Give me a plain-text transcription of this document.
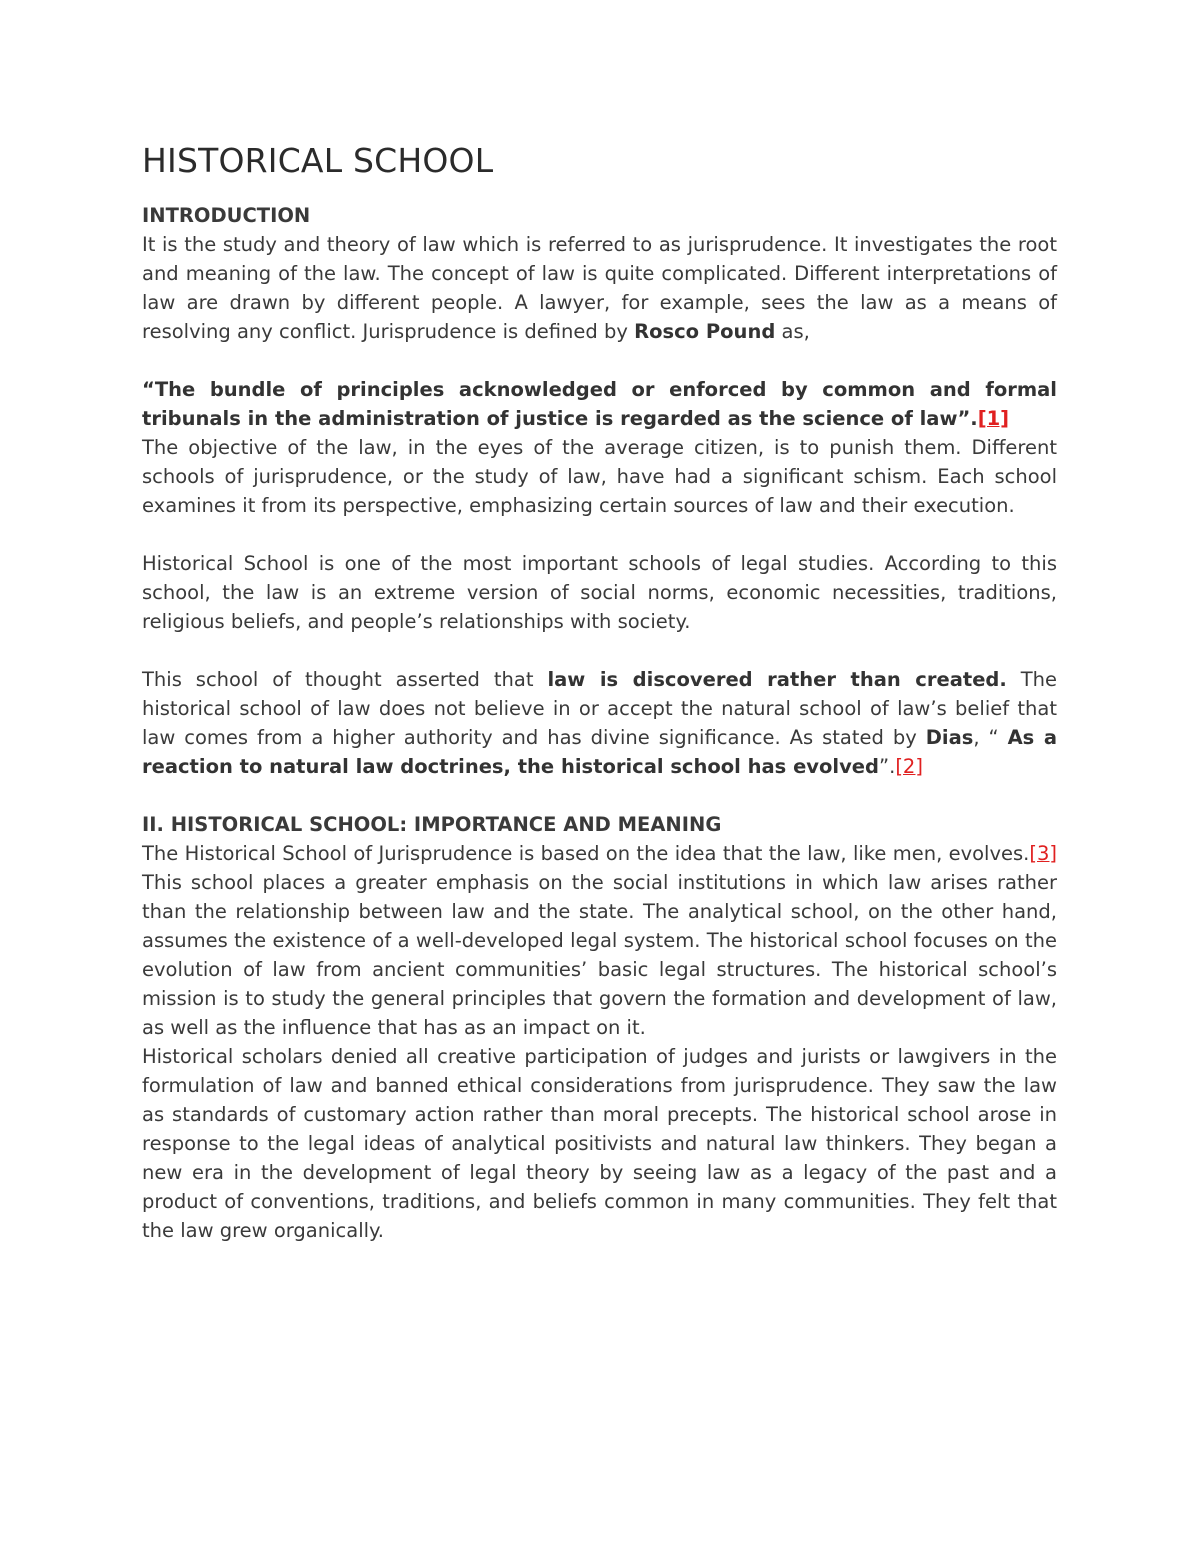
HISTORICAL SCHOOL
INTRODUCTION

It is the study and theory of law which is referred to as jurisprudence. It investigates the root and meaning of the law. The concept of law is quite complicated. Different interpretations of law are drawn by different people. A lawyer, for example, sees the law as a means of resolving any conflict. Jurisprudence is defined by Rosco Pound as,

“The bundle of principles acknowledged or enforced by common and formal tribunals in the administration of justice is regarded as the science of law”.[1]

The objective of the law, in the eyes of the average citizen, is to punish them. Different schools of jurisprudence, or the study of law, have had a significant schism. Each school examines it from its perspective, emphasizing certain sources of law and their execution.

Historical School is one of the most important schools of legal studies. According to this school, the law is an extreme version of social norms, economic necessities, traditions, religious beliefs, and people’s relationships with society.

This school of thought asserted that law is discovered rather than created. The historical school of law does not believe in or accept the natural school of law’s belief that law comes from a higher authority and has divine significance. As stated by Dias, “ As a reaction to natural law doctrines, the historical school has evolved”.[2]

II. HISTORICAL SCHOOL: IMPORTANCE AND MEANING

The Historical School of Jurisprudence is based on the idea that the law, like men, evolves.[3] This school places a greater emphasis on the social institutions in which law arises rather than the relationship between law and the state. The analytical school, on the other hand, assumes the existence of a well-developed legal system. The historical school focuses on the evolution of law from ancient communities’ basic legal structures. The historical school’s mission is to study the general principles that govern the formation and development of law, as well as the influence that has as an impact on it.

Historical scholars denied all creative participation of judges and jurists or lawgivers in the formulation of law and banned ethical considerations from jurisprudence. They saw the law as standards of customary action rather than moral precepts. The historical school arose in response to the legal ideas of analytical positivists and natural law thinkers. They began a new era in the development of legal theory by seeing law as a legacy of the past and a product of conventions, traditions, and beliefs common in many communities. They felt that the law grew organically.
